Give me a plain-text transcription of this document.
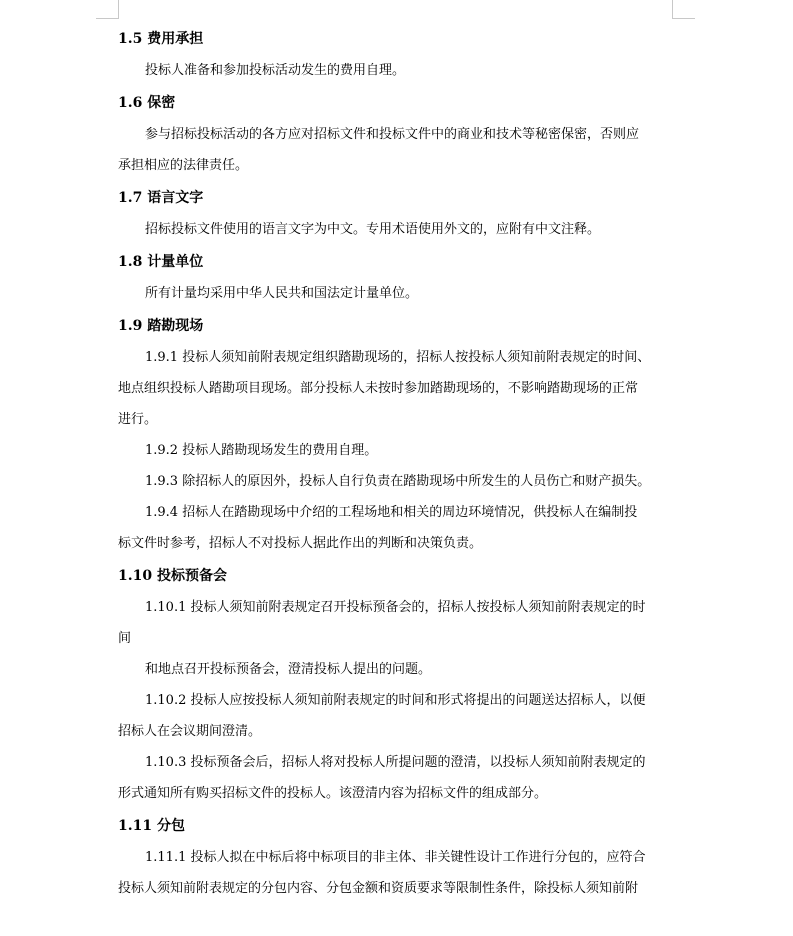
1.5 费用承担
投标人准备和参加投标活动发生的费用自理。
1.6 保密
参与招标投标活动的各方应对招标文件和投标文件中的商业和技术等秘密保密，否则应
承担相应的法律责任。
1.7 语言文字
招标投标文件使用的语言文字为中文。专用术语使用外文的，应附有中文注释。
1.8 计量单位
所有计量均采用中华人民共和国法定计量单位。
1.9 踏勘现场
1.9.1 投标人须知前附表规定组织踏勘现场的，招标人按投标人须知前附表规定的时间、
地点组织投标人踏勘项目现场。部分投标人未按时参加踏勘现场的，不影响踏勘现场的正常
进行。
1.9.2 投标人踏勘现场发生的费用自理。
1.9.3 除招标人的原因外，投标人自行负责在踏勘现场中所发生的人员伤亡和财产损失。
1.9.4 招标人在踏勘现场中介绍的工程场地和相关的周边环境情况，供投标人在编制投
标文件时参考，招标人不对投标人据此作出的判断和决策负责。
1.10 投标预备会
1.10.1 投标人须知前附表规定召开投标预备会的，招标人按投标人须知前附表规定的时
间
和地点召开投标预备会，澄清投标人提出的问题。
1.10.2 投标人应按投标人须知前附表规定的时间和形式将提出的问题送达招标人，以便
招标人在会议期间澄清。
1.10.3 投标预备会后，招标人将对投标人所提问题的澄清，以投标人须知前附表规定的
形式通知所有购买招标文件的投标人。该澄清内容为招标文件的组成部分。
1.11 分包
1.11.1 投标人拟在中标后将中标项目的非主体、非关键性设计工作进行分包的，应符合
投标人须知前附表规定的分包内容、分包金额和资质要求等限制性条件，除投标人须知前附
